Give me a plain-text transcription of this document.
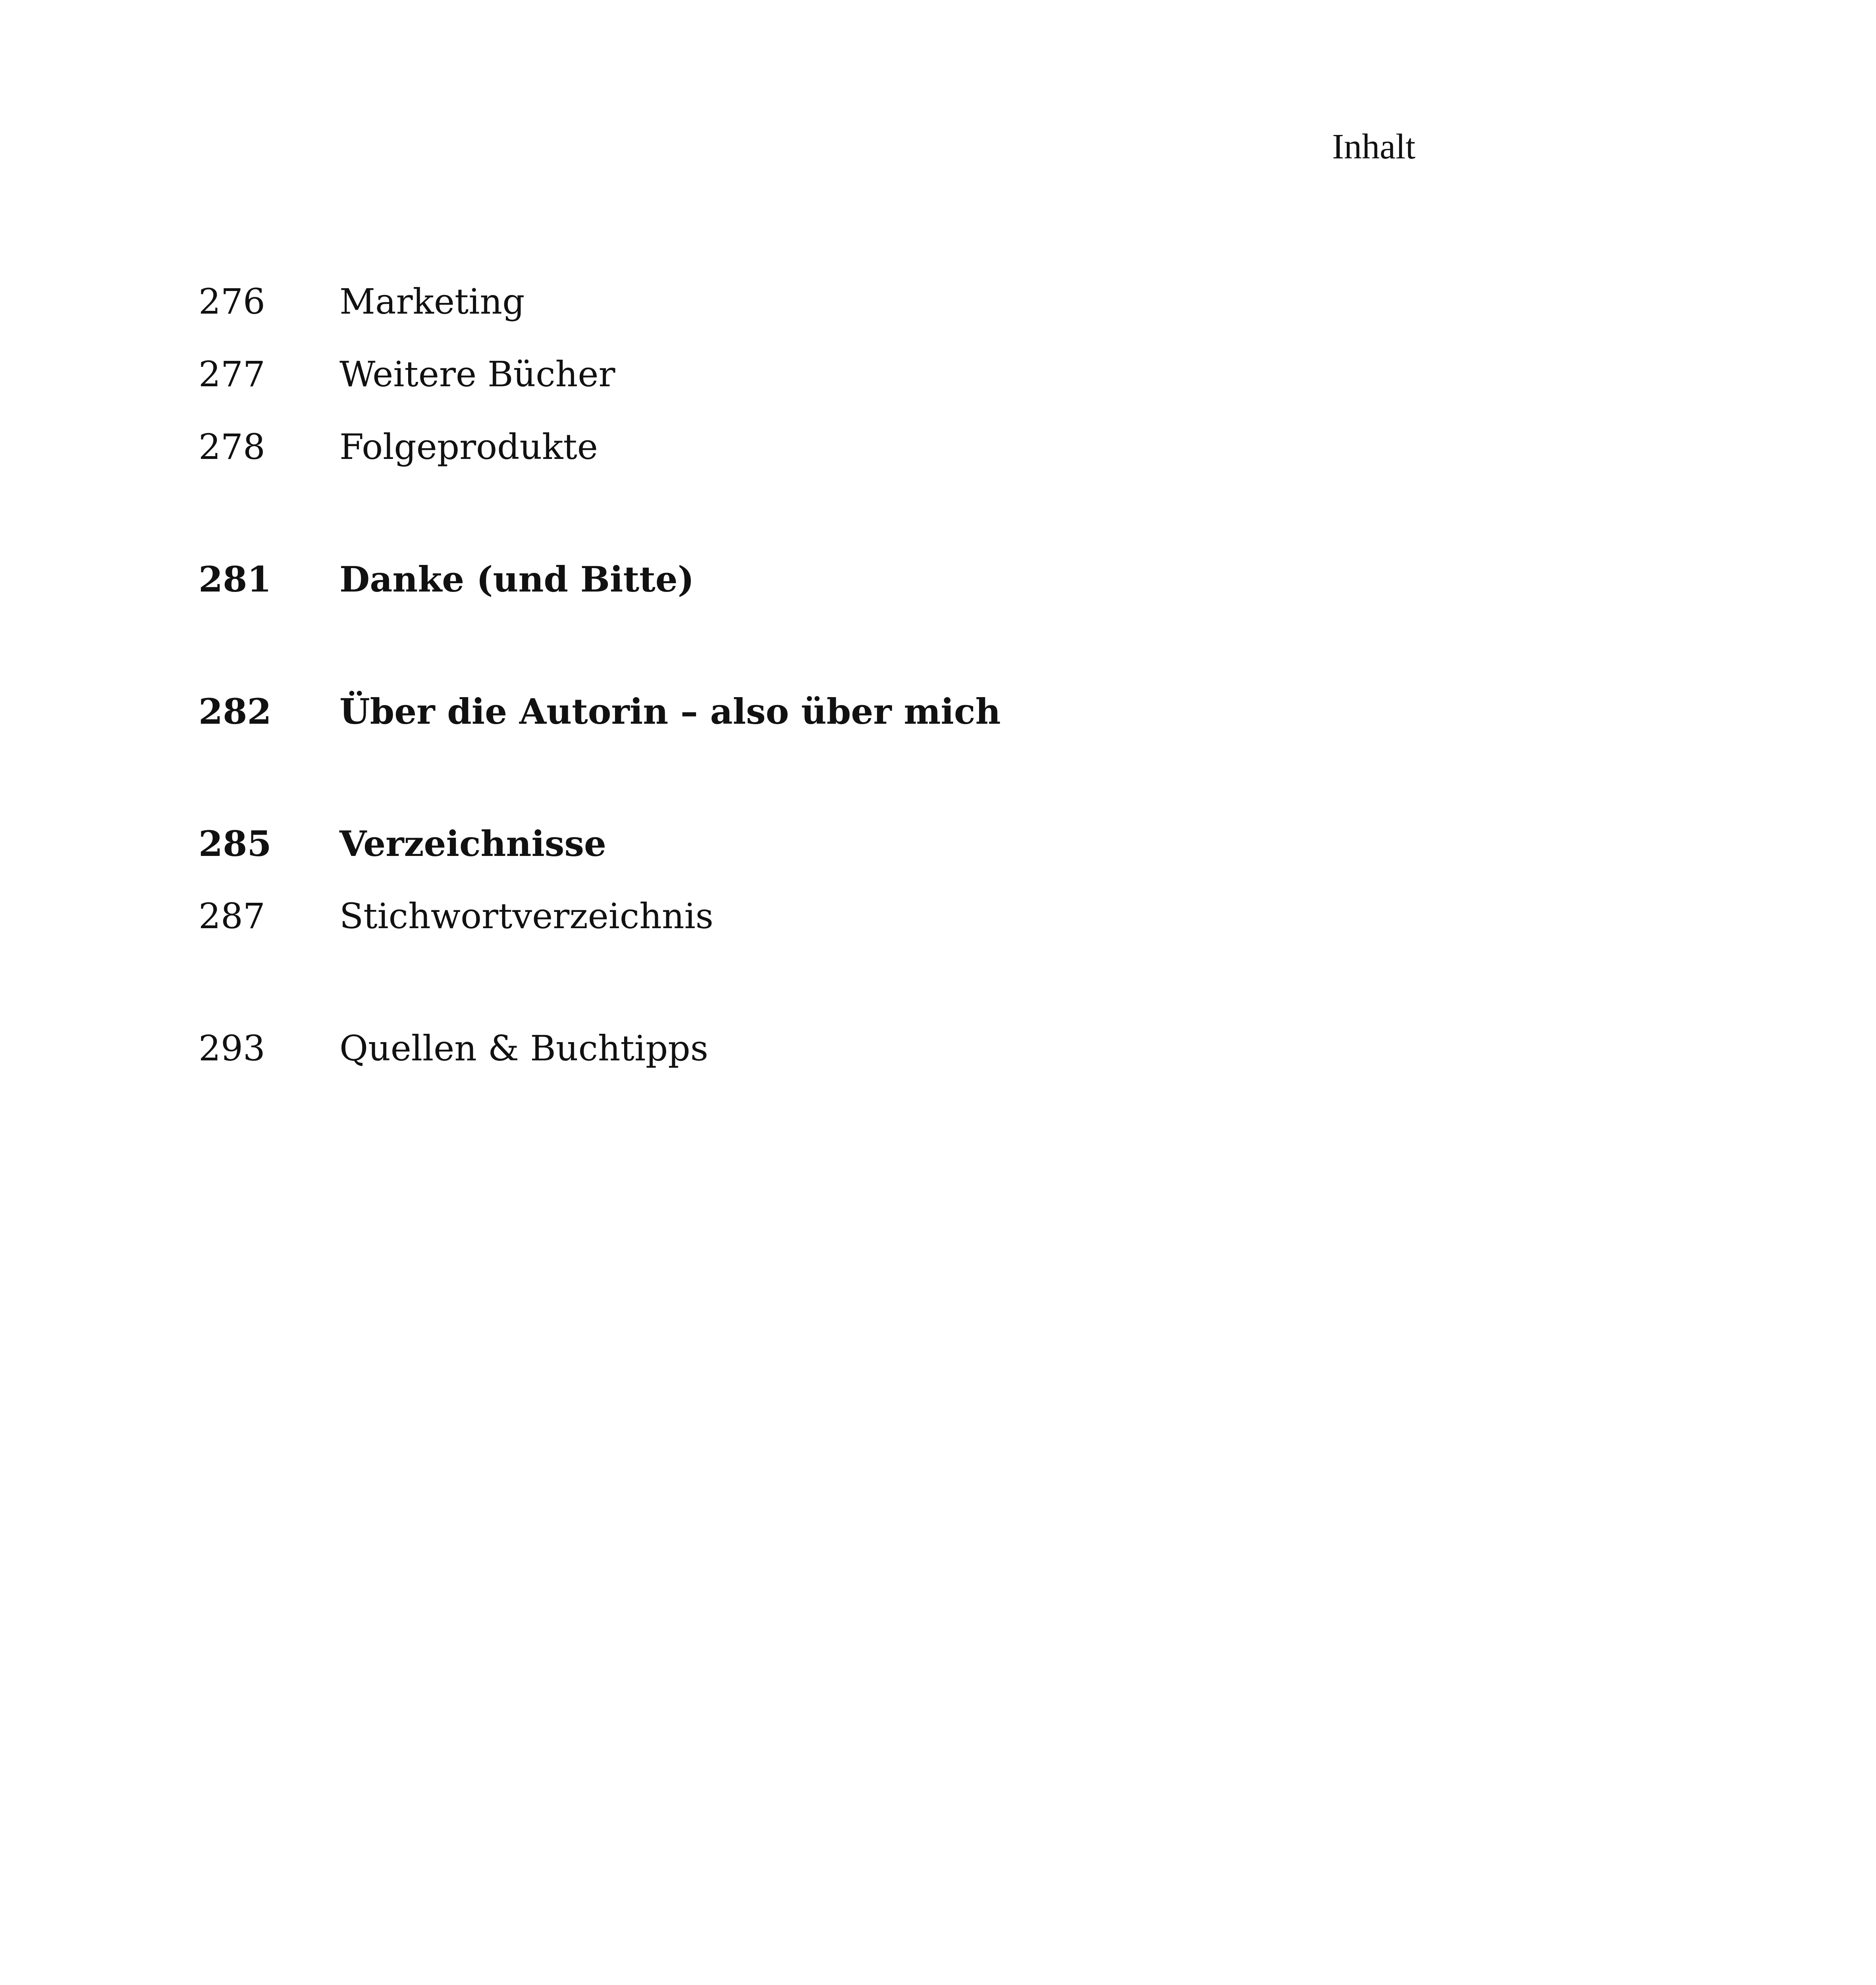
Inhalt
276	Marketing
277	Weitere Bücher
278	Folgeprodukte
281	Danke (und Bitte)
282	Über die Autorin – also über mich
285	Verzeichnisse
287	Stichwortverzeichnis
293	Quellen & Buchtipps
